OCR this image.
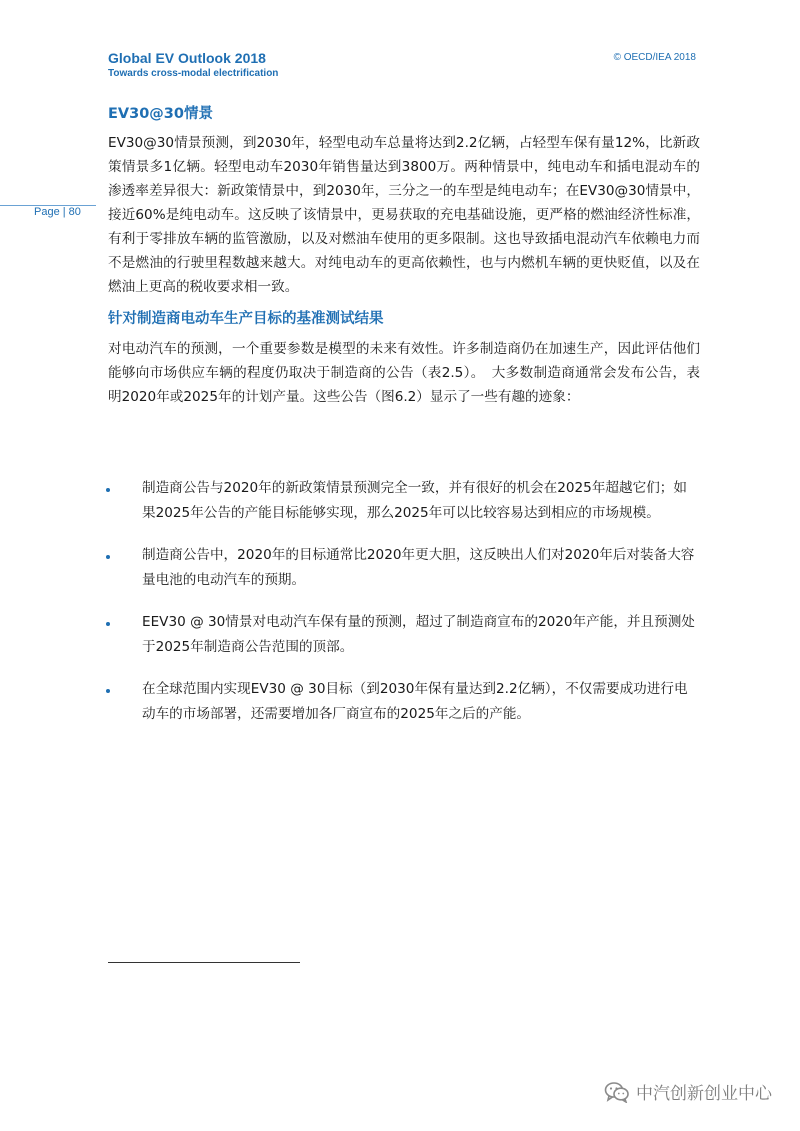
Global EV Outlook 2018
Towards cross-modal electrification
© OECD/IEA 2018
Page | 80
EV30@30情景

EV30@30情景预测，到2030年，轻型电动车总量将达到2.2亿辆，占轻型车保有量12%，比新政策情景多1亿辆。轻型电动车2030年销售量达到3800万。两种情景中，纯电动车和插电混动车的渗透率差异很大：新政策情景中，到2030年，三分之一的车型是纯电动车；在EV30@30情景中，接近60%是纯电动车。这反映了该情景中，更易获取的充电基础设施，更严格的燃油经济性标准，有利于零排放车辆的监管激励，以及对燃油车使用的更多限制。这也导致插电混动汽车依赖电力而不是燃油的行驶里程数越来越大。对纯电动车的更高依赖性，也与内燃机车辆的更快贬值，以及在燃油上更高的税收要求相一致。

针对制造商电动车生产目标的基准测试结果

对电动汽车的预测，一个重要参数是模型的未来有效性。许多制造商仍在加速生产，因此评估他们能够向市场供应车辆的程度仍取决于制造商的公告（表2.5）。　大多数制造商通常会发布公告，表明2020年或2025年的计划产量。这些公告（图6.2）显示了一些有趣的迹象：

制造商公告与2020年的新政策情景预测完全一致，并有很好的机会在2025年超越它们；如果2025年公告的产能目标能够实现，那么2025年可以比较容易达到相应的市场规模。
制造商公告中，2020年的目标通常比2020年更大胆，这反映出人们对2020年后对装备大容量电池的电动汽车的预期。
EEV30 @ 30情景对电动汽车保有量的预测，超过了制造商宣布的2020年产能，并且预测处于2025年制造商公告范围的顶部。
在全球范围内实现EV30 @ 30目标（到2030年保有量达到2.2亿辆），不仅需要成功进行电动车的市场部署，还需要增加各厂商宣布的2025年之后的产能。
中汽创新创业中心
